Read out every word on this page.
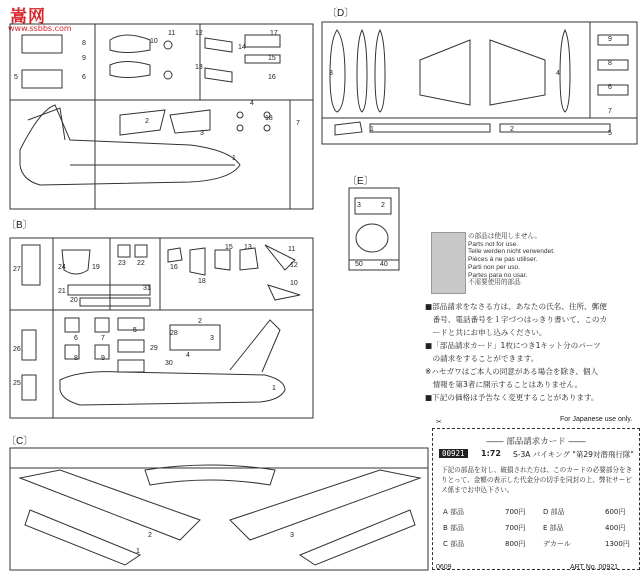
嵩网
www.ssbbs.com
〔D〕
〔B〕
〔C〕
〔E〕
8
9
5	6
10
11	12
13
14
15
16
17
18
1
2
3
4
7
3	4
9
8
6
7
5
1	2
3	2
50 40
27	24	19
23 22
21
20
31
15 13
16
18
11
12
10
1
2
3
4
5
6	7
8	9
26
25
28
29
30
1
2	3
の部品は使用しません。
Parts not for use.
Teile werden nicht verwendet.
Pièces à ne pas utiliser.
Parti non per uso.
Partes para no usar.
不需要使用的部品

■部品請求をなさる方は、あなたの氏名、住所、郵便

　番号、電話番号を１字づつはっきり書いて、このカ

　ードと共にお申し込みください。

■「部品請求カード」1枚につき1キット分のパーツ

　の請求をすることができます。

※ハセガワはご本人の同意がある場合を除き、個人

　情報を第3者に開示することはありません。

■下記の価格は予告なく変更することがあります。

For Japanese use only.
✂
―― 部品請求カード ――
00921	1:72 S-3A バイキング "第29対潜飛行隊"
下記の部品を対し、破損された方は、このカードの必要部分をきりとって、金額の表示した代金分の切手を同封の上、弊社サービス係までお申込下さい。
A 部品	700円	D 部品	600円
B 部品	700円	E 部品	400円
C 部品	800円	デカール	1300円
0609	ART No. 00921
